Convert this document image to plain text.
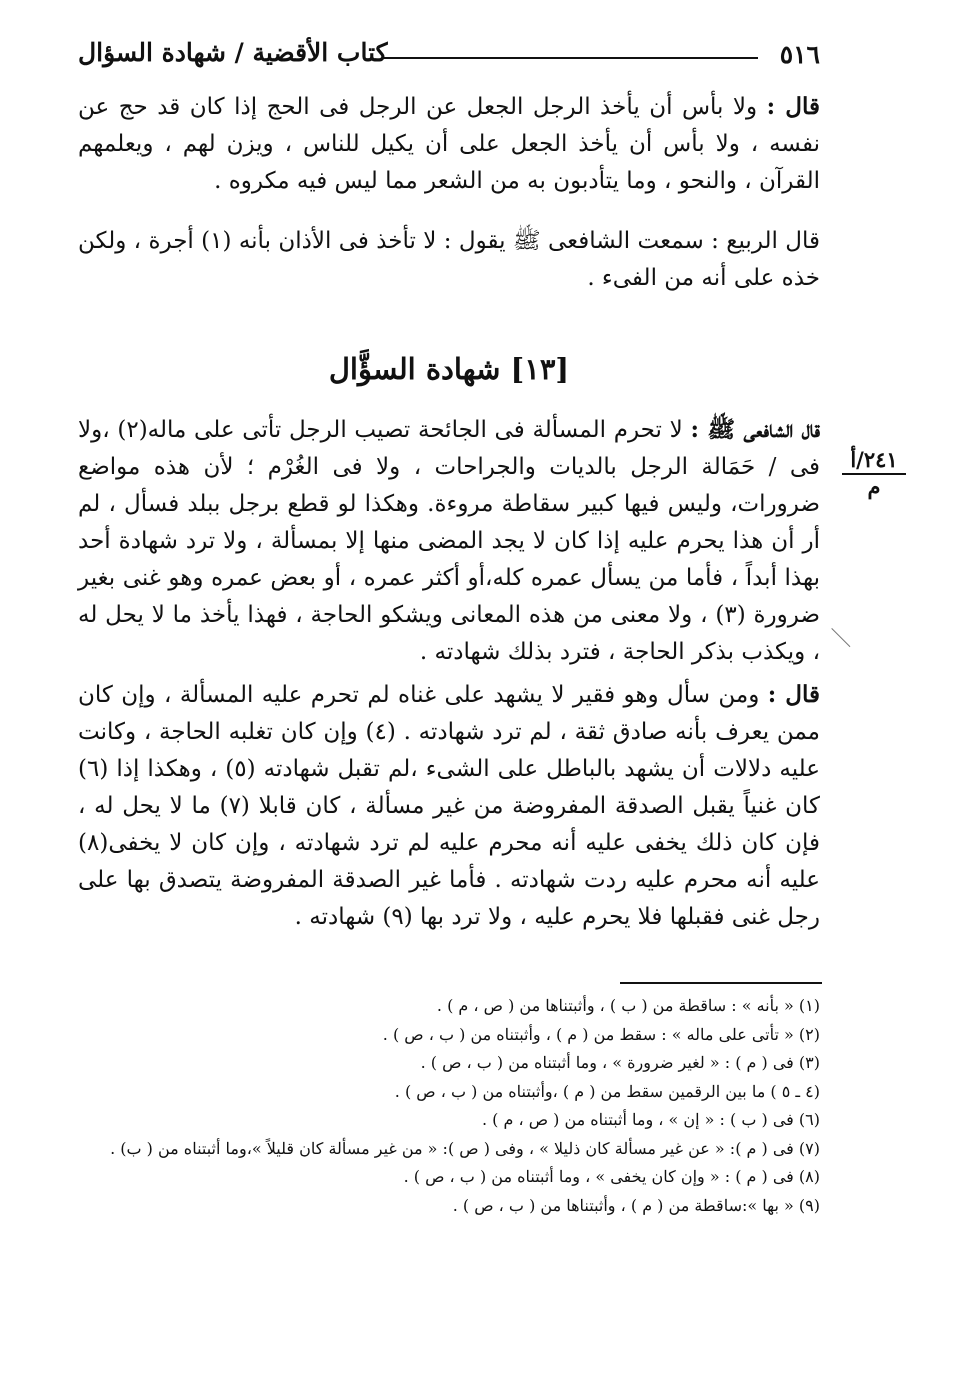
٥١٦
كتاب الأقضية / شهادة السؤال
قال : ولا بأس أن يأخذ الرجل الجعل عن الرجل فى الحج إذا كان قد حج عن نفسه ، ولا بأس أن يأخذ الجعل على أن يكيل للناس ، ويزن لهم ، ويعلمهم القرآن ، والنحو ، وما يتأدبون به من الشعر مما ليس فيه مكروه .
قال الربيع : سمعت الشافعى ﷺ يقول : لا تأخذ فى الأذان بأنه (١) أجرة ، ولكن خذه على أنه من الفىء .
[١٣] شهادة السؤَّال
٢٤١/أ
م
قال الشافعى ﷺ : لا تحرم المسألة فى الجائحة تصيب الرجل تأتى على ماله(٢) ،ولا فى / حَمَالة الرجل بالديات والجراحات ، ولا فى الغُرْم ؛ لأن هذه مواضع ضرورات، وليس فيها كبير سقاطة مروءة. وهكذا لو قطع برجل ببلد فسأل ، لم أر أن هذا يحرم عليه إذا كان لا يجد المضى منها إلا بمسألة ، ولا ترد شهادة أحد بهذا أبداً ، فأما من يسأل عمره كله،أو أكثر عمره ، أو بعض عمره وهو غنى بغير ضرورة (٣) ، ولا معنى من هذه المعانى ويشكو الحاجة ، فهذا يأخذ ما لا يحل له ، ويكذب بذكر الحاجة ، فترد بذلك شهادته .
قال : ومن سأل وهو فقير لا يشهد على غناه لم تحرم عليه المسألة ، وإن كان ممن يعرف بأنه صادق ثقة ، لم ترد شهادته . (٤) وإن كان تغلبه الحاجة ، وكانت عليه دلالات أن يشهد بالباطل على الشىء ،لم تقبل شهادته (٥) ، وهكذا إذا (٦) كان غنياً يقبل الصدقة المفروضة من غير مسألة ، كان قابلا (٧) ما لا يحل له ، فإن كان ذلك يخفى عليه أنه محرم عليه لم ترد شهادته ، وإن كان لا يخفى(٨) عليه أنه محرم عليه ردت شهادته . فأما غير الصدقة المفروضة يتصدق بها على رجل غنى فقبلها فلا يحرم عليه ، ولا ترد بها (٩) شهادته .
(١) « بأنه » : ساقطة من ( ب ) ، وأثبتناها من ( ص ، م ) .
(٢) « تأتى على ماله » : سقط من ( م ) ، وأثبتناه من ( ب ، ص ) .
(٣) فى ( م ) : « لغير ضرورة » ، وما أثبتناه من ( ب ، ص ) .
(٤ ـ ٥ ) ما بين الرقمين سقط من ( م ) ،وأثبتناه من ( ب ، ص ) .
(٦) فى ( ب ) : « إن » ، وما أثبتناه من ( ص ، م ) .
(٧) فى ( م ): « عن غير مسألة كان ذليلا » ، وفى ( ص ): « من غير مسألة كان قليلاً »،وما أثبتناه من ( ب) .
(٨) فى ( م ) : « وإن كان يخفى » ، وما أثبتناه من ( ب ، ص ) .
(٩) « بها »:ساقطة من ( م ) ، وأثبتناها من ( ب ، ص ) .
